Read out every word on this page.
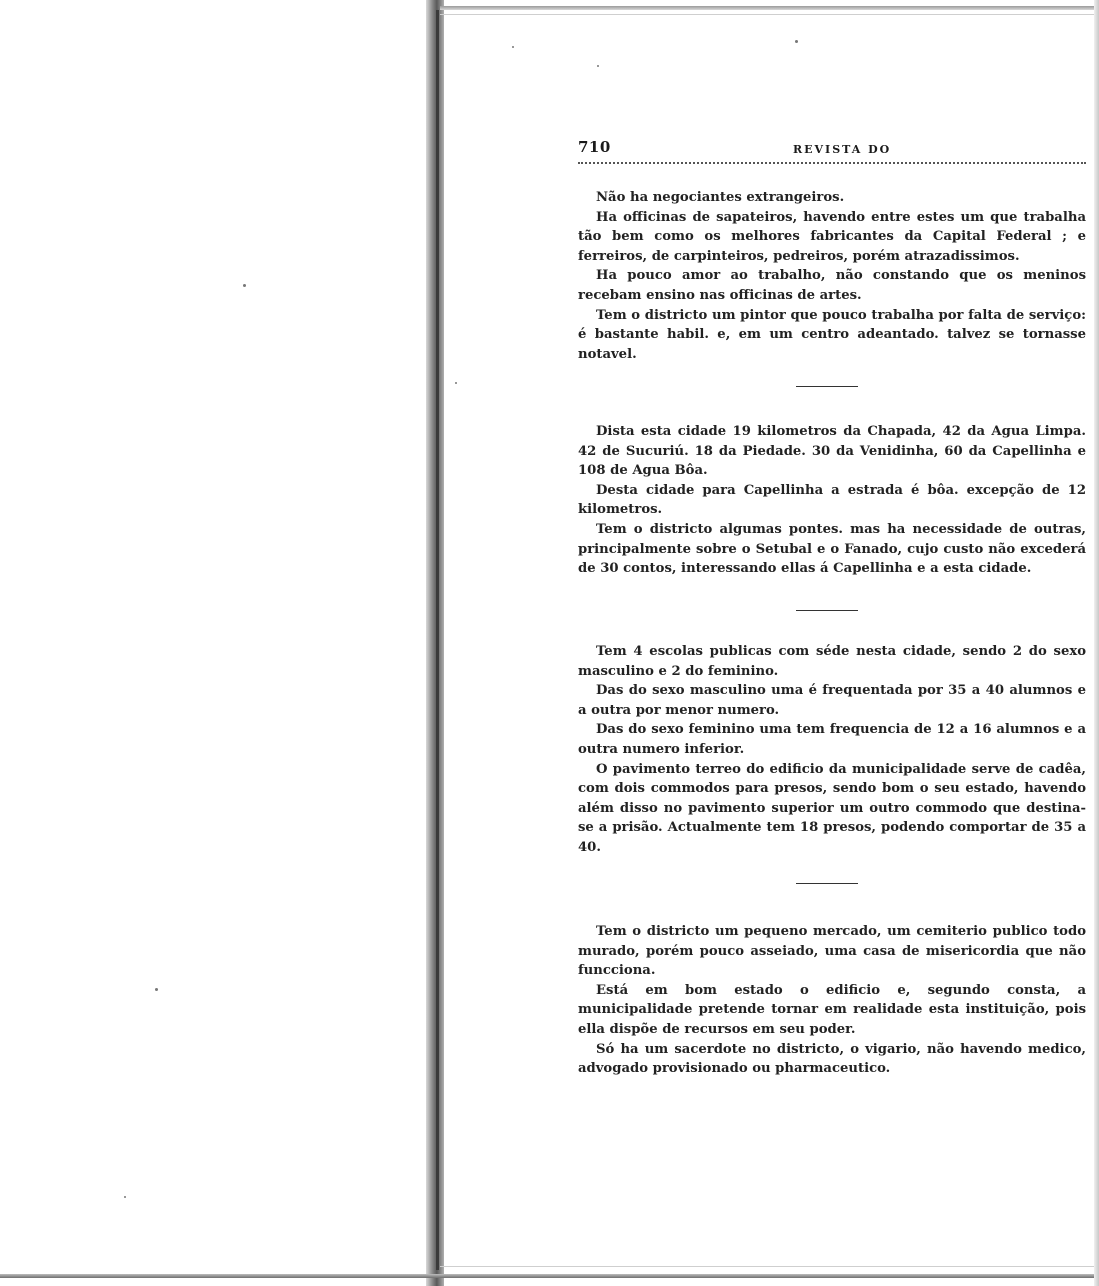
710	REVISTA DO

Não ha negociantes extrangeiros.

Ha officinas de sapateiros, havendo entre estes um que trabalha tão bem como os melhores fabricantes da Capital Federal ; e ferreiros, de carpinteiros, pedreiros, porém atrazadissimos.

Ha pouco amor ao trabalho, não constando que os meninos recebam ensino nas officinas de artes.

Tem o districto um pintor que pouco trabalha por falta de serviço: é bastante habil. e, em um centro adeantado. talvez se tornasse notavel.

Dista esta cidade 19 kilometros da Chapada, 42 da Agua Limpa. 42 de Sucuriú. 18 da Piedade. 30 da Venidinha, 60 da Capellinha e 108 de Agua Bôa.

Desta cidade para Capellinha a estrada é bôa. excepção de 12 kilometros.

Tem o districto algumas pontes. mas ha necessidade de outras, principalmente sobre o Setubal e o Fanado, cujo custo não excederá de 30 contos, interessando ellas á Capellinha e a esta cidade.

Tem 4 escolas publicas com séde nesta cidade, sendo 2 do sexo masculino e 2 do feminino.

Das do sexo masculino uma é frequentada por 35 a 40 alumnos e a outra por menor numero.

Das do sexo feminino uma tem frequencia de 12 a 16 alumnos e a outra numero inferior.

O pavimento terreo do edificio da municipalidade serve de cadêa, com dois commodos para presos, sendo bom o seu estado, havendo além disso no pavimento superior um outro commodo que destina-se a prisão. Actualmente tem 18 presos, podendo comportar de 35 a 40.

Tem o districto um pequeno mercado, um cemiterio publico todo murado, porém pouco asseiado, uma casa de misericordia que não funcciona.

Está em bom estado o edificio e, segundo consta, a municipalidade pretende tornar em realidade esta instituição, pois ella dispõe de recursos em seu poder.

Só ha um sacerdote no districto, o vigario, não havendo medico, advogado provisionado ou pharmaceutico.
